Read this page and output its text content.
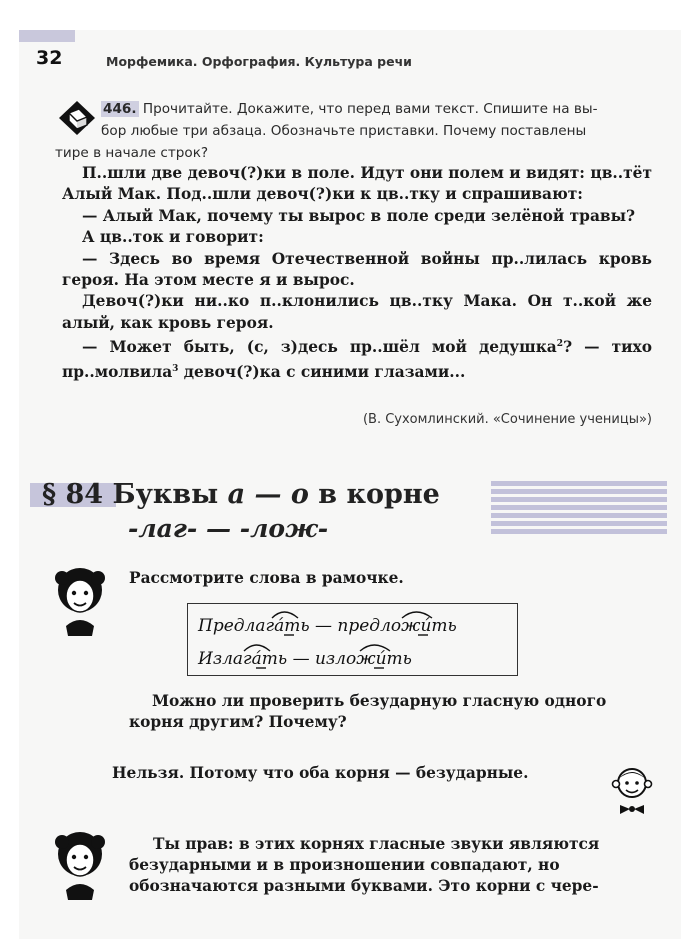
32	Морфемика. Орфография. Культура речи
446. Прочитайте. Докажите, что перед вами текст. Спишите на вы-
бор любые три абзаца. Обозначьте приставки. Почему поставлены

тире в начале строк?

П..шли две девоч(?)ки в поле. Идут они полем и видят: цв..тёт Алый Мак. Под..шли девоч(?)ки к цв..тку и спрашивают:

— Алый Мак, почему ты вырос в поле среди зелёной травы?

А цв..ток и говорит:

— Здесь во время Отечественной войны пр..лилась кровь героя. На этом месте я и вырос.

Девоч(?)ки ни..ко п..клонились цв..тку Мака. Он т..кой же алый, как кровь героя.

— Может быть, (с, з)десь пр..шёл мой дедушка$^2$? — тихо пр..молвила$^3$ девоч(?)ка с синими глазами...

(В. Сухомлинский. «Сочинение ученицы»)
§ 84 Буквы а — о в корне
-лаг- — -лож-
Рассмотрите слова в рамочке.
Предлагáть — предложúть
Излагáть — изложúть
Можно ли проверить безударную гласную одного
корня другим? Почему?
Нельзя. Потому что оба корня — безударные.
Ты прав: в этих корнях гласные звуки являются
безударными и в произношении совпадают, но
обозначаются разными буквами. Это корни с чере-
